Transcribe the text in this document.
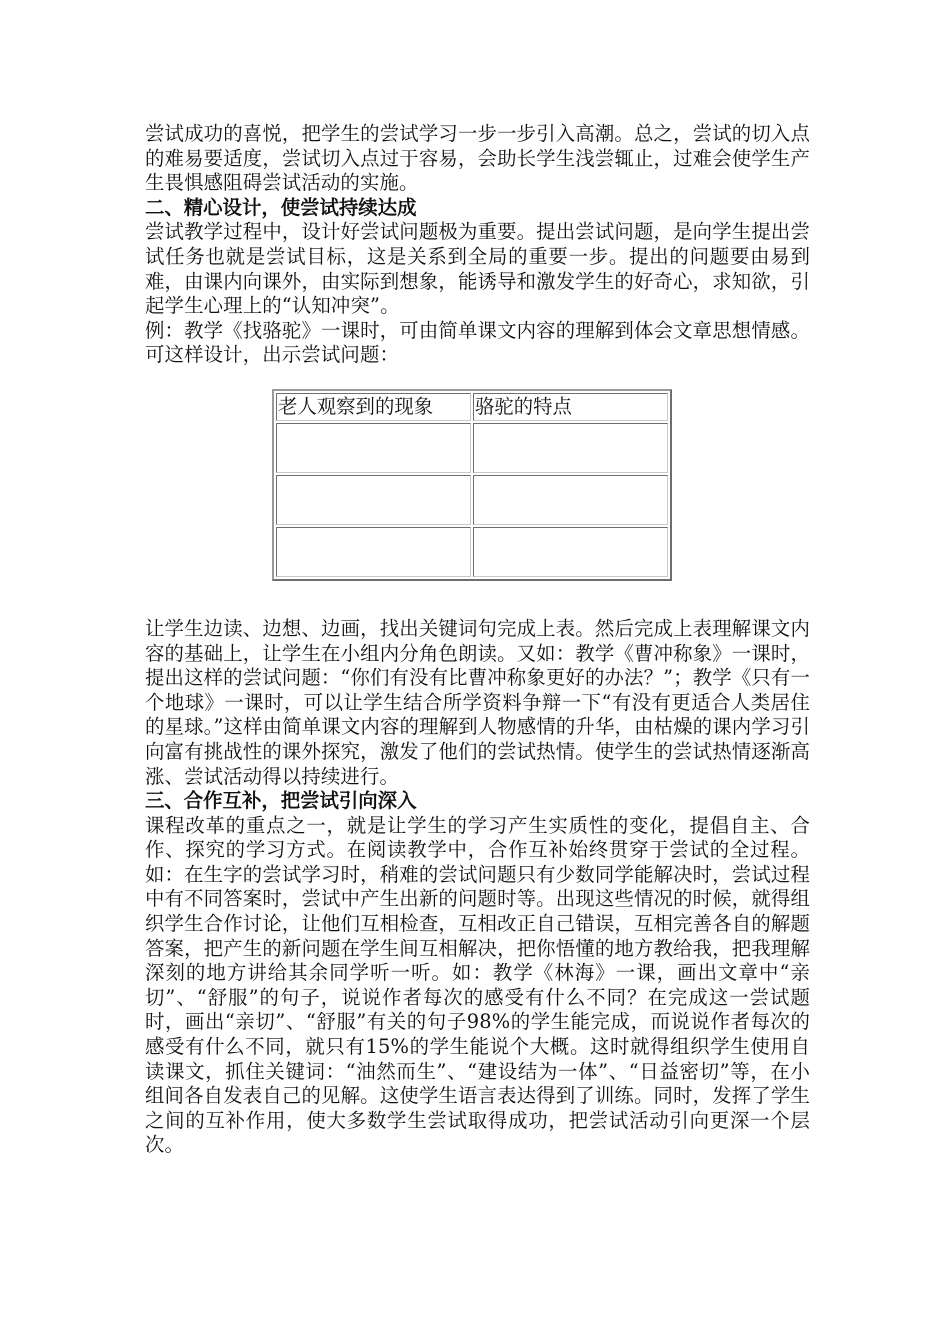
尝试成功的喜悦，把学生的尝试学习一步一步引入高潮。总之，尝试的切入点的难易要适度，尝试切入点过于容易，会助长学生浅尝辄止，过难会使学生产生畏惧感阻碍尝试活动的实施。

二、精心设计，使尝试持续达成

尝试教学过程中，设计好尝试问题极为重要。提出尝试问题，是向学生提出尝试任务也就是尝试目标，这是关系到全局的重要一步。提出的问题要由易到难，由课内向课外，由实际到想象，能诱导和激发学生的好奇心，求知欲，引起学生心理上的“认知冲突”。

例：教学《找骆驼》一课时，可由简单课文内容的理解到体会文章思想情感。可这样设计，出示尝试问题：

老人观察到的现象	骆驼的特点

让学生边读、边想、边画，找出关键词句完成上表。然后完成上表理解课文内容的基础上，让学生在小组内分角色朗读。又如：教学《曹冲称象》一课时，提出这样的尝试问题：“你们有没有比曹冲称象更好的办法？”；教学《只有一个地球》一课时，可以让学生结合所学资料争辩一下“有没有更适合人类居住的星球。”这样由简单课文内容的理解到人物感情的升华，由枯燥的课内学习引向富有挑战性的课外探究，激发了他们的尝试热情。使学生的尝试热情逐渐高涨、尝试活动得以持续进行。

三、合作互补，把尝试引向深入

课程改革的重点之一，就是让学生的学习产生实质性的变化，提倡自主、合作、探究的学习方式。在阅读教学中，合作互补始终贯穿于尝试的全过程。如：在生字的尝试学习时，稍难的尝试问题只有少数同学能解决时，尝试过程中有不同答案时，尝试中产生出新的问题时等。出现这些情况的时候，就得组织学生合作讨论，让他们互相检查，互相改正自己错误，互相完善各自的解题答案，把产生的新问题在学生间互相解决，把你悟懂的地方教给我，把我理解深刻的地方讲给其余同学听一听。如：教学《林海》一课，画出文章中“亲切”、“舒服”的句子，说说作者每次的感受有什么不同？在完成这一尝试题时，画出“亲切”、“舒服”有关的句子98%的学生能完成，而说说作者每次的感受有什么不同，就只有15%的学生能说个大概。这时就得组织学生使用自读课文，抓住关键词：“油然而生”、“建设结为一体”、“日益密切”等，在小组间各自发表自己的见解。这使学生语言表达得到了训练。同时，发挥了学生之间的互补作用，使大多数学生尝试取得成功，把尝试活动引向更深一个层次。
